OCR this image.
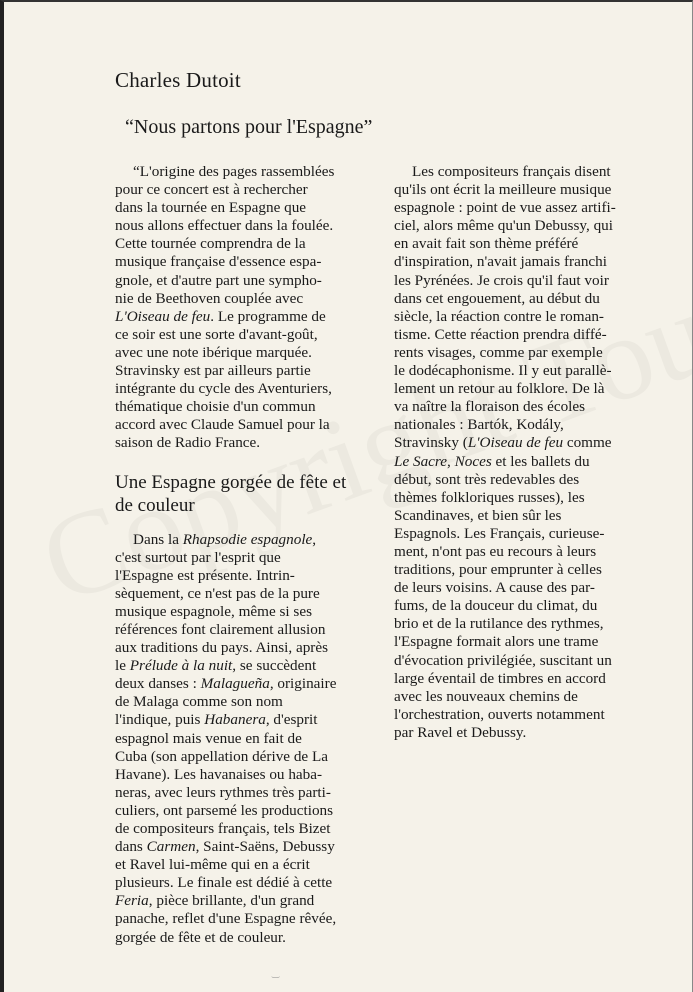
Charles Dutoit
“Nous partons pour l'Espagne”

“L'origine des pages rassemblées
pour ce concert est à rechercher
dans la tournée en Espagne que
nous allons effectuer dans la foulée.
Cette tournée comprendra de la
musique française d'essence espa-
gnole, et d'autre part une sympho-
nie de Beethoven couplée avec
L'Oiseau de feu. Le programme de
ce soir est une sorte d'avant-goût,
avec une note ibérique marquée.
Stravinsky est par ailleurs partie
intégrante du cycle des Aventuriers,
thématique choisie d'un commun
accord avec Claude Samuel pour la
saison de Radio France.

Une Espagne gorgée de fête et
de couleur

Dans la Rhapsodie espagnole,
c'est surtout par l'esprit que
l'Espagne est présente. Intrin-
sèquement, ce n'est pas de la pure
musique espagnole, même si ses
références font clairement allusion
aux traditions du pays. Ainsi, après
le Prélude à la nuit, se succèdent
deux danses : Malagueña, originaire
de Malaga comme son nom
l'indique, puis Habanera, d'esprit
espagnol mais venue en fait de
Cuba (son appellation dérive de La
Havane). Les havanaises ou haba-
neras, avec leurs rythmes très parti-
culiers, ont parsemé les productions
de compositeurs français, tels Bizet
dans Carmen, Saint-Saëns, Debussy
et Ravel lui-même qui en a écrit
plusieurs. Le finale est dédié à cette
Feria, pièce brillante, d'un grand
panache, reflet d'une Espagne rêvée,
gorgée de fête et de couleur.

Les compositeurs français disent
qu'ils ont écrit la meilleure musique
espagnole : point de vue assez artifi-
ciel, alors même qu'un Debussy, qui
en avait fait son thème préféré
d'inspiration, n'avait jamais franchi
les Pyrénées. Je crois qu'il faut voir
dans cet engouement, au début du
siècle, la réaction contre le roman-
tisme. Cette réaction prendra diffé-
rents visages, comme par exemple
le dodécaphonisme. Il y eut parallè-
lement un retour au folklore. De là
va naître la floraison des écoles
nationales : Bartók, Kodály,
Stravinsky (L'Oiseau de feu comme
Le Sacre, Noces et les ballets du
début, sont très redevables des
thèmes folkloriques russes), les
Scandinaves, et bien sûr les
Espagnols. Les Français, curieuse-
ment, n'ont pas eu recours à leurs
traditions, pour emprunter à celles
de leurs voisins. A cause des par-
fums, de la douceur du climat, du
brio et de la rutilance des rythmes,
l'Espagne formait alors une trame
d'évocation privilégiée, suscitant un
large éventail de timbres en accord
avec les nouveaux chemins de
l'orchestration, ouverts notamment
par Ravel et Debussy.

‿
